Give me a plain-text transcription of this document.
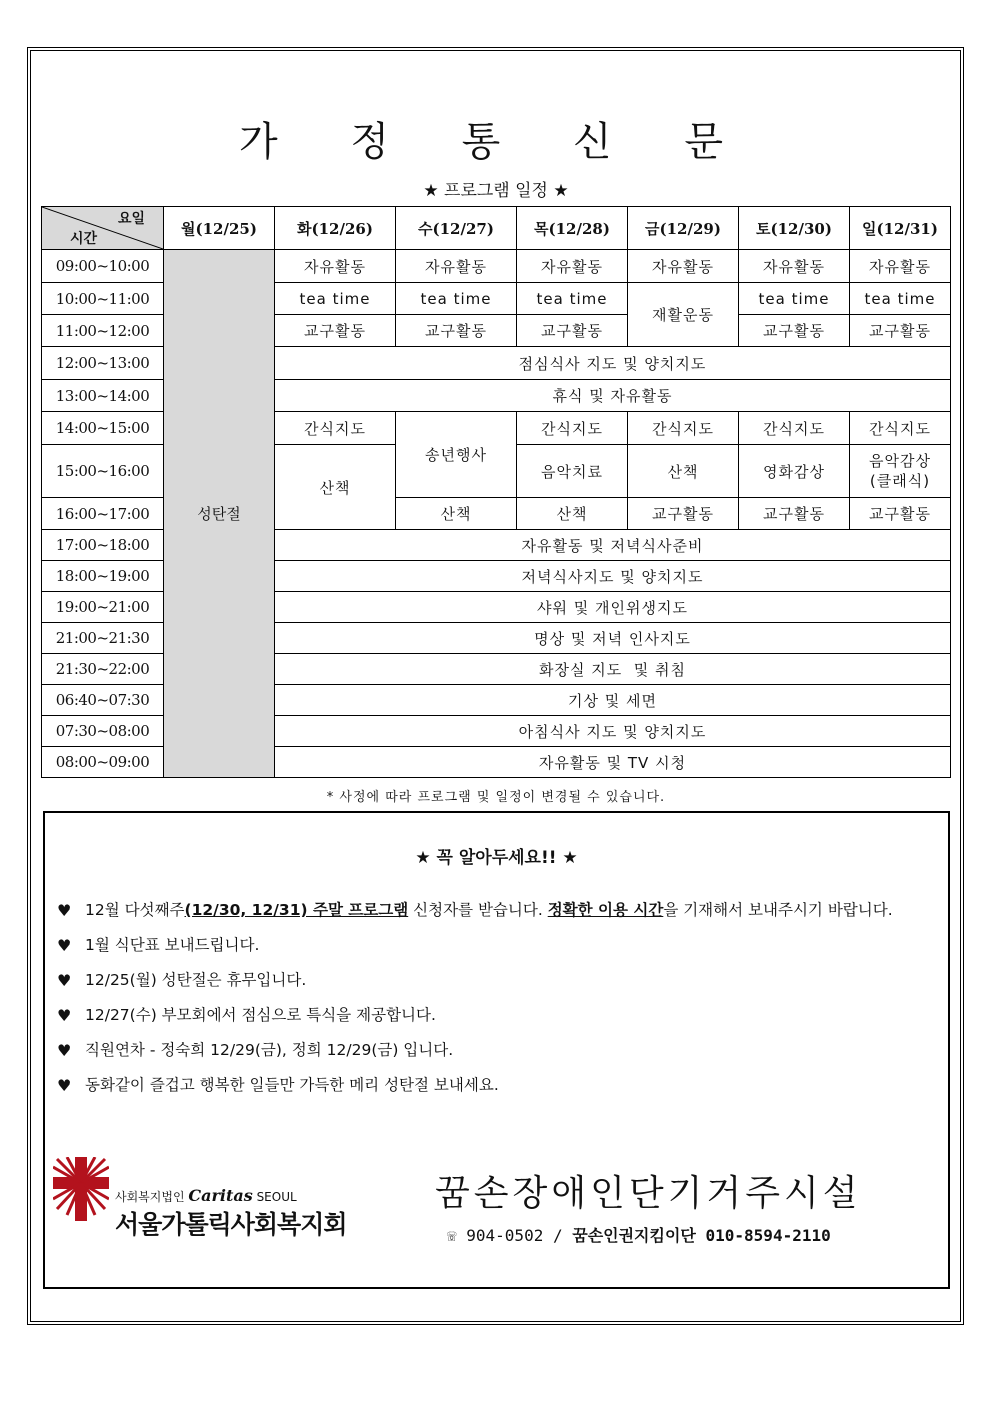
가 정 통 신 문
★ 프로그램 일정 ★
요일
시간	월(12/25)	화(12/26)	수(12/27)	목(12/28)	금(12/29)	토(12/30)	일(12/31)
09:00~10:00	성탄절	자유활동	자유활동	자유활동	자유활동	자유활동	자유활동
10:00~11:00		tea time	tea time	tea time	재활운동	tea time	tea time
11:00~12:00		교구활동	교구활동	교구활동		교구활동	교구활동
12:00~13:00		점심식사 지도 및 양치지도					
13:00~14:00		휴식 및 자유활동					
14:00~15:00		간식지도	송년행사	간식지도	간식지도	간식지도	간식지도
15:00~16:00		산책		음악치료	산책	영화감상	음악감상
(클래식)
16:00~17:00			산책	산책	교구활동	교구활동	교구활동
17:00~18:00		자유활동 및 저녁식사준비					
18:00~19:00		저녁식사지도 및 양치지도					
19:00~21:00		샤워 및 개인위생지도					
21:00~21:30		명상 및 저녁 인사지도					
21:30~22:00		화장실 지도  및 취침					
06:40~07:30		기상 및 세면					
07:30~08:00		아침식사 지도 및 양치지도					
08:00~09:00		자유활동 및 TV 시청					
* 사정에 따라 프로그램 및 일정이 변경될 수 있습니다.
★ 꼭 알아두세요!! ★
♥ 12월 다섯째주(12/30, 12/31) 주말 프로그램 신청자를 받습니다. 정확한 이용 시간을 기재해서 보내주시기 바랍니다.
♥ 1월 식단표 보내드립니다.
♥ 12/25(월) 성탄절은 휴무입니다.
♥ 12/27(수) 부모회에서 점심으로 특식을 제공합니다.
♥ 직원연차 - 정숙희 12/29(금), 정희 12/29(금) 입니다.
♥ 동화같이 즐겁고 행복한 일들만 가득한 메리 성탄절 보내세요.
사회복지법인 Caritas SEOUL
서울가톨릭사회복지회
꿈손장애인단기거주시설
☏ 904-0502 / 꿈손인권지킴이단 010-8594-2110
